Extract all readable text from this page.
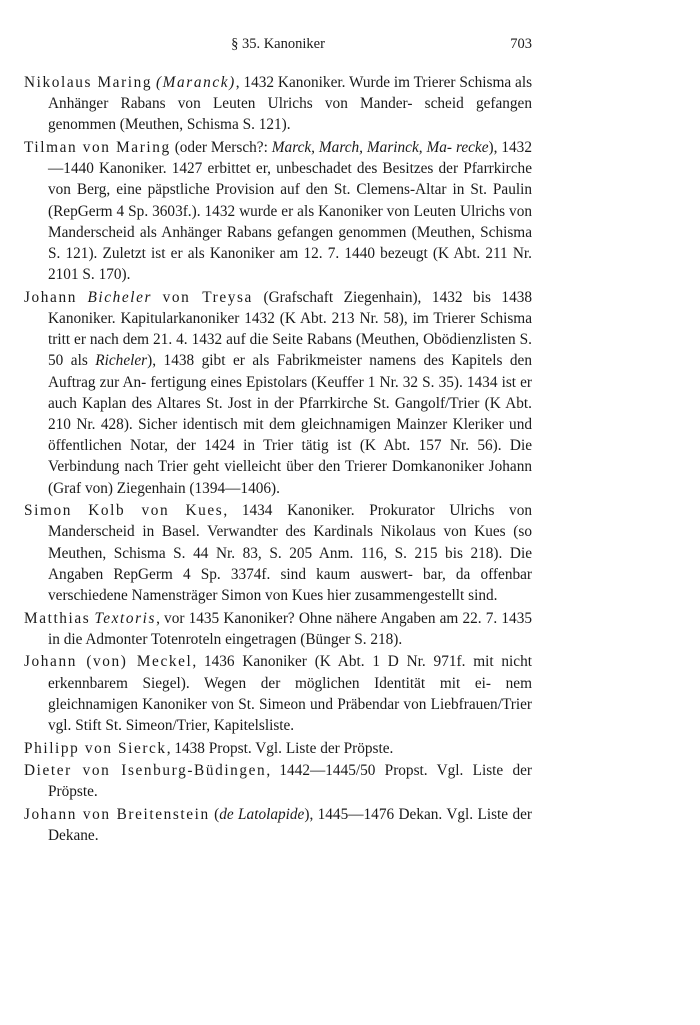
§ 35. Kanoniker	703

Nikolaus Maring (Maranck), 1432 Kanoniker. Wurde im Trierer Schisma als Anhänger Rabans von Leuten Ulrichs von Mander- scheid gefangen genommen (Meuthen, Schisma S. 121).

Tilman von Maring (oder Mersch?: Marck, March, Marinck, Ma- recke), 1432—1440 Kanoniker. 1427 erbittet er, unbeschadet des Besitzes der Pfarrkirche von Berg, eine päpstliche Provision auf den St. Clemens-Altar in St. Paulin (RepGerm 4 Sp. 3603f.). 1432 wurde er als Kanoniker von Leuten Ulrichs von Manderscheid als Anhänger Rabans gefangen genommen (Meuthen, Schisma S. 121). Zuletzt ist er als Kanoniker am 12. 7. 1440 bezeugt (K Abt. 211 Nr. 2101 S. 170).

Johann Bicheler von Treysa (Grafschaft Ziegenhain), 1432 bis 1438 Kanoniker. Kapitularkanoniker 1432 (K Abt. 213 Nr. 58), im Trierer Schisma tritt er nach dem 21. 4. 1432 auf die Seite Rabans (Meuthen, Obödienzlisten S. 50 als Richeler), 1438 gibt er als Fabrikmeister namens des Kapitels den Auftrag zur An- fertigung eines Epistolars (Keuffer 1 Nr. 32 S. 35). 1434 ist er auch Kaplan des Altares St. Jost in der Pfarrkirche St. Gangolf/Trier (K Abt. 210 Nr. 428). Sicher identisch mit dem gleichnamigen Mainzer Kleriker und öffentlichen Notar, der 1424 in Trier tätig ist (K Abt. 157 Nr. 56). Die Verbindung nach Trier geht vielleicht über den Trierer Domkanoniker Johann (Graf von) Ziegenhain (1394—1406).

Simon Kolb von Kues, 1434 Kanoniker. Prokurator Ulrichs von Manderscheid in Basel. Verwandter des Kardinals Nikolaus von Kues (so Meuthen, Schisma S. 44 Nr. 83, S. 205 Anm. 116, S. 215 bis 218). Die Angaben RepGerm 4 Sp. 3374f. sind kaum auswert- bar, da offenbar verschiedene Namensträger Simon von Kues hier zusammengestellt sind.

Matthias Textoris, vor 1435 Kanoniker? Ohne nähere Angaben am 22. 7. 1435 in die Admonter Totenroteln eingetragen (Bünger S. 218).

Johann (von) Meckel, 1436 Kanoniker (K Abt. 1 D Nr. 971f. mit nicht erkennbarem Siegel). Wegen der möglichen Identität mit ei- nem gleichnamigen Kanoniker von St. Simeon und Präbendar von Liebfrauen/Trier vgl. Stift St. Simeon/Trier, Kapitelsliste.

Philipp von Sierck, 1438 Propst. Vgl. Liste der Pröpste.

Dieter von Isenburg-Büdingen, 1442—1445/50 Propst. Vgl. Liste der Pröpste.

Johann von Breitenstein (de Latolapide), 1445—1476 Dekan. Vgl. Liste der Dekane.
